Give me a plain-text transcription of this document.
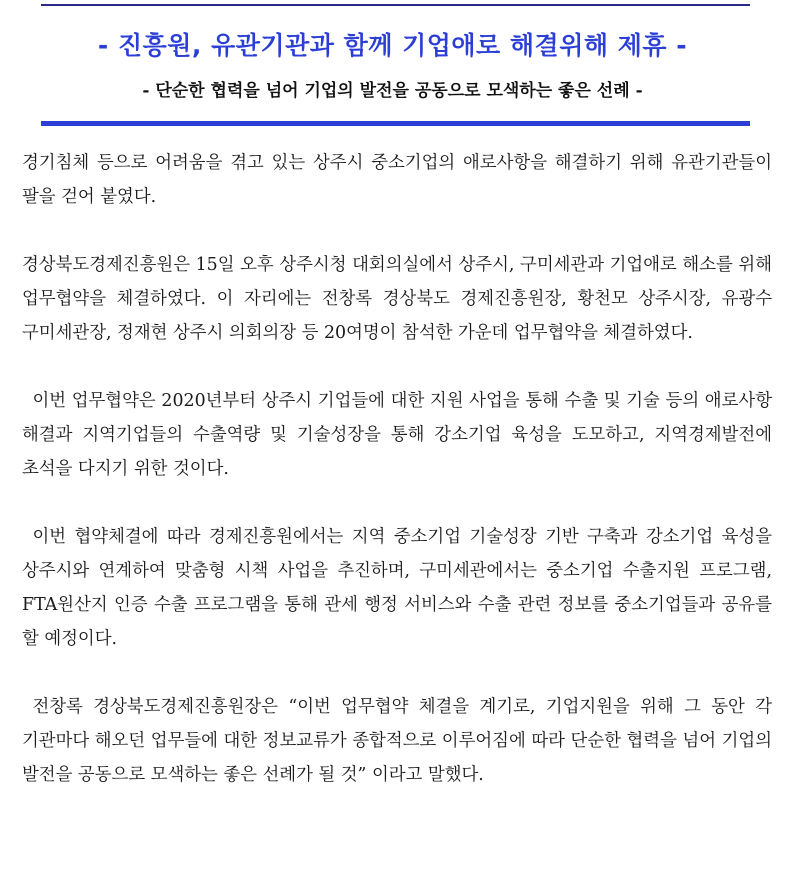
- 진흥원, 유관기관과 함께 기업애로 해결위해 제휴 -
- 단순한 협력을 넘어 기업의 발전을 공동으로 모색하는 좋은 선례 -

경기침체 등으로 어려움을 겪고 있는 상주시 중소기업의 애로사항을 해결하기 위해 유관기관들이 팔을 걷어 붙였다.

경상북도경제진흥원은 15일 오후 상주시청 대회의실에서 상주시, 구미세관과 기업애로 해소를 위해 업무협약을 체결하였다. 이 자리에는 전창록 경상북도 경제진흥원장, 황천모 상주시장, 유광수 구미세관장, 정재현 상주시 의회의장 등 20여명이 참석한 가운데 업무협약을 체결하였다.

이번 업무협약은 2020년부터 상주시 기업들에 대한 지원 사업을 통해 수출 및 기술 등의 애로사항 해결과 지역기업들의 수출역량 및 기술성장을 통해 강소기업 육성을 도모하고, 지역경제발전에 초석을 다지기 위한 것이다.

이번 협약체결에 따라 경제진흥원에서는 지역 중소기업 기술성장 기반 구축과 강소기업 육성을 상주시와 연계하여 맞춤형 시책 사업을 추진하며, 구미세관에서는 중소기업 수출지원 프로그램, FTA원산지 인증 수출 프로그램을 통해 관세 행정 서비스와 수출 관련 정보를 중소기업들과 공유를 할 예정이다.

전창록 경상북도경제진흥원장은 “이번 업무협약 체결을 계기로, 기업지원을 위해 그 동안 각 기관마다 해오던 업무들에 대한 정보교류가 종합적으로 이루어짐에 따라 단순한 협력을 넘어 기업의 발전을 공동으로 모색하는 좋은 선례가 될 것” 이라고 말했다.
